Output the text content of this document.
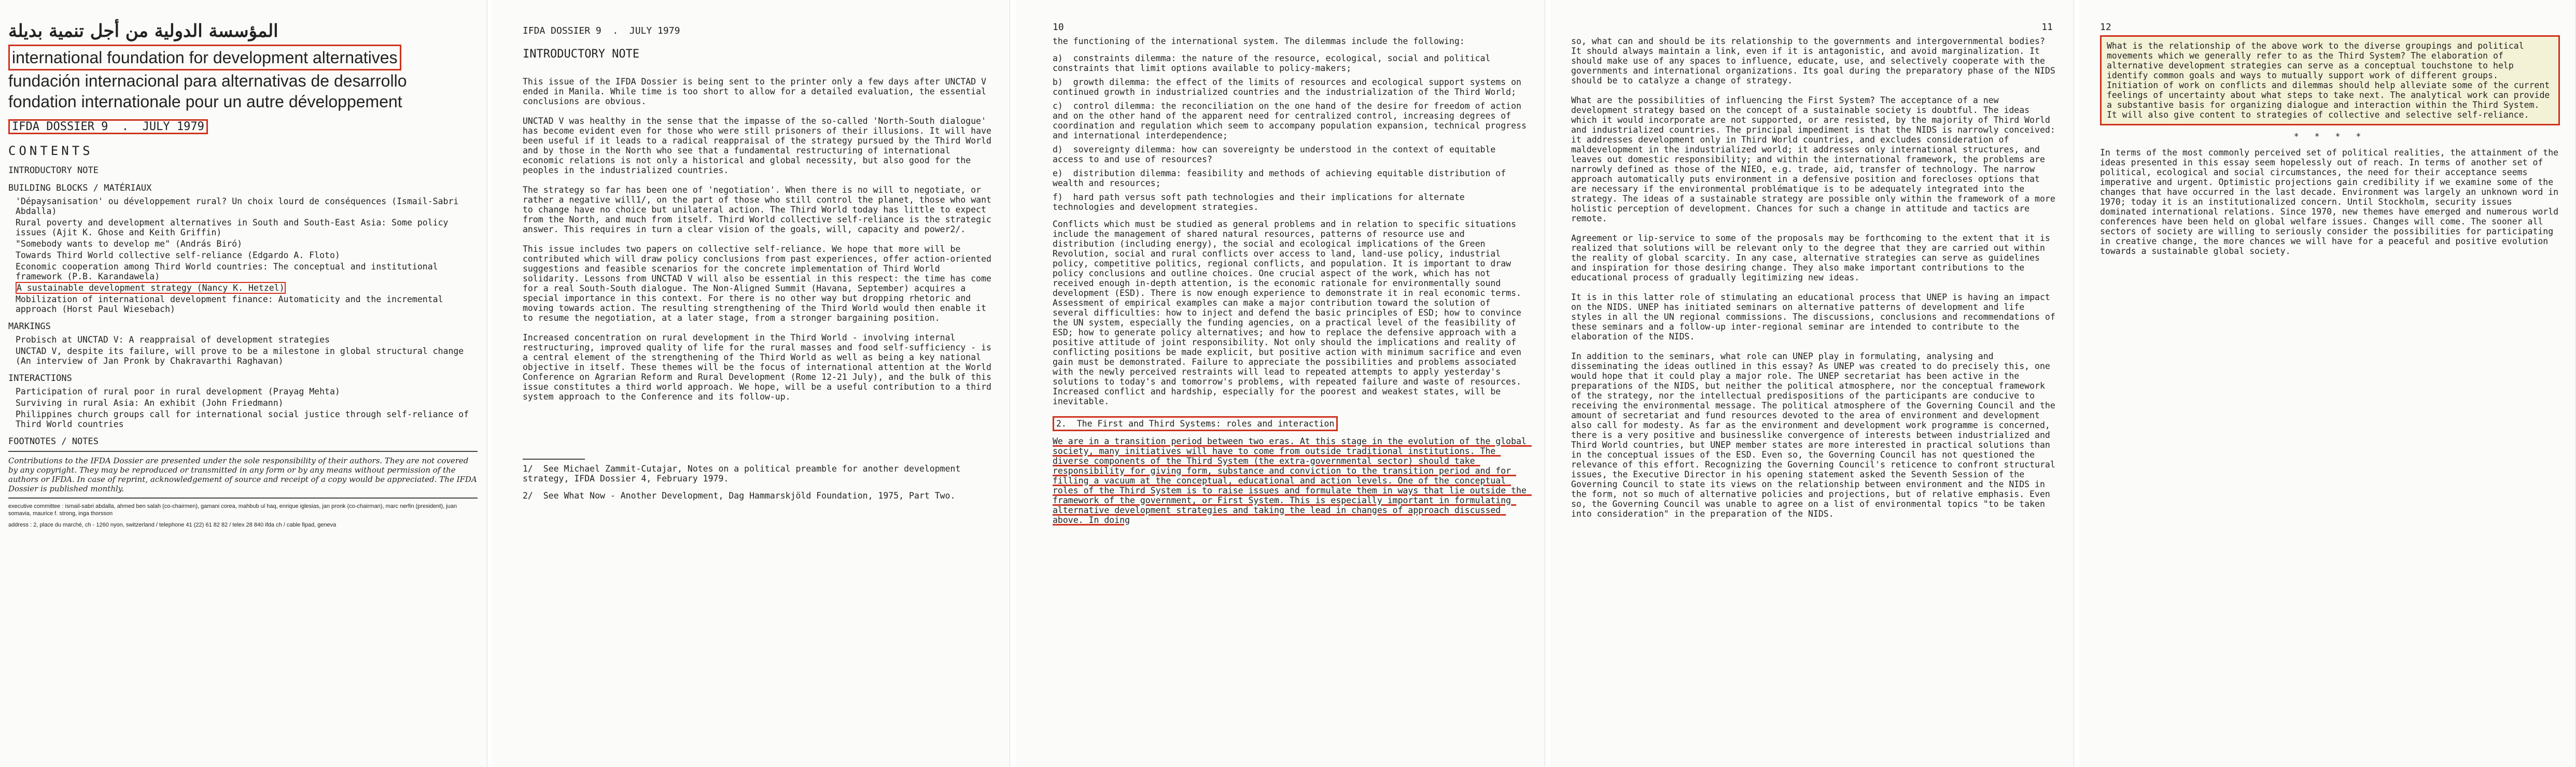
المؤسسة الدولية من أجل تنمية بديلة
international foundation for development alternatives
fundación internacional para alternativas de desarrollo
fondation internationale pour un autre développement
IFDA DOSSIER 9  .  JULY 1979
CONTENTS
INTRODUCTORY NOTE
BUILDING BLOCKS / MATÉRIAUX
'Dépaysanisation' ou développement rural? Un choix lourd de conséquences (Ismail-Sabri Abdalla)
Rural poverty and development alternatives in South and South-East Asia: Some policy issues (Ajit K. Ghose and Keith Griffin)
"Somebody wants to develop me" (András Biró)
Towards Third World collective self-reliance (Edgardo A. Floto)
Economic cooperation among Third World countries: The conceptual and institutional framework (P.B. Karandawela)
A sustainable development strategy (Nancy K. Hetzel)
Mobilization of international development finance: Automaticity and the incremental approach (Horst Paul Wiesebach)
MARKINGS
Probisch at UNCTAD V: A reappraisal of development strategies
UNCTAD V, despite its failure, will prove to be a milestone in global structural change (An interview of Jan Pronk by Chakravarthi Raghavan)
INTERACTIONS
Participation of rural poor in rural development (Prayag Mehta)
Surviving in rural Asia: An exhibit (John Friedmann)
Philippines church groups call for international social justice through self-reliance of Third World countries
FOOTNOTES / NOTES
Contributions to the IFDA Dossier are presented under the sole responsibility of their authors. They are not covered by any copyright. They may be reproduced or transmitted in any form or by any means without permission of the authors or IFDA. In case of reprint, acknowledgement of source and receipt of a copy would be appreciated. The IFDA Dossier is published monthly.
executive committee : ismail-sabri abdalla, ahmed ben salah (co-chairmen), gamani corea, mahbub ul haq, enrique iglesias, jan pronk (co-chairman), marc nerfin (president), juan somavia, maurice f. strong, inga thorsson
address : 2, place du marché, ch - 1260 nyon, switzerland / telephone 41 (22) 61 82 82 / telex 28 840 ifda ch / cable fipad, geneva
IFDA DOSSIER 9  .  JULY 1979
INTRODUCTORY NOTE
This issue of the IFDA Dossier is being sent to the printer only a few days after UNCTAD V ended in Manila. While time is too short to allow for a detailed evaluation, the essential conclusions are obvious.
UNCTAD V was healthy in the sense that the impasse of the so-called 'North-South dialogue' has become evident even for those who were still prisoners of their illusions. It will have been useful if it leads to a radical reappraisal of the strategy pursued by the Third World and by those in the North who see that a fundamental restructuring of international economic relations is not only a historical and global necessity, but also good for the peoples in the industrialized countries.
The strategy so far has been one of 'negotiation'. When there is no will to negotiate, or rather a negative will1/, on the part of those who still control the planet, those who want to change have no choice but unilateral action. The Third World today has little to expect from the North, and much from itself. Third World collective self-reliance is the strategic answer. This requires in turn a clear vision of the goals, will, capacity and power2/.
This issue includes two papers on collective self-reliance. We hope that more will be contributed which will draw policy conclusions from past experiences, offer action-oriented suggestions and feasible scenarios for the concrete implementation of Third World solidarity. Lessons from UNCTAD V will also be essential in this respect: the time has come for a real South-South dialogue. The Non-Aligned Summit (Havana, September) acquires a special importance in this context. For there is no other way but dropping rhetoric and moving towards action. The resulting strengthening of the Third World would then enable it to resume the negotiation, at a later stage, from a stronger bargaining position.
Increased concentration on rural development in the Third World - involving internal restructuring, improved quality of life for the rural masses and food self-sufficiency - is a central element of the strengthening of the Third World as well as being a key national objective in itself. These themes will be the focus of international attention at the World Conference on Agrarian Reform and Rural Development (Rome 12-21 July), and the bulk of this issue constitutes a third world approach. We hope, will be a useful contribution to a third system approach to the Conference and its follow-up.
1/  See Michael Zammit-Cutajar, Notes on a political preamble for another development strategy, IFDA Dossier 4, February 1979.
2/  See What Now - Another Development, Dag Hammarskjöld Foundation, 1975, Part Two.
10
the functioning of the international system. The dilemmas include the following:
a)  constraints dilemma: the nature of the resource, ecological, social and political constraints that limit options available to policy-makers;
b)  growth dilemma: the effect of the limits of resources and ecological support systems on continued growth in industrialized countries and the industrialization of the Third World;
c)  control dilemma: the reconciliation on the one hand of the desire for freedom of action and on the other hand of the apparent need for centralized control, increasing degrees of coordination and regulation which seem to accompany population expansion, technical progress and international interdependence;
d)  sovereignty dilemma: how can sovereignty be understood in the context of equitable access to and use of resources?
e)  distribution dilemma: feasibility and methods of achieving equitable distribution of wealth and resources;
f)  hard path versus soft path technologies and their implications for alternate technologies and development strategies.
Conflicts which must be studied as general problems and in relation to specific situations include the management of shared natural resources, patterns of resource use and distribution (including energy), the social and ecological implications of the Green Revolution, social and rural conflicts over access to land, land-use policy, industrial policy, competitive politics, regional conflicts, and population. It is important to draw policy conclusions and outline choices. One crucial aspect of the work, which has not received enough in-depth attention, is the economic rationale for environmentally sound development (ESD). There is now enough experience to demonstrate it in real economic terms. Assessment of empirical examples can make a major contribution toward the solution of several difficulties: how to inject and defend the basic principles of ESD; how to convince the UN system, especially the funding agencies, on a practical level of the feasibility of ESD; how to generate policy alternatives; and how to replace the defensive approach with a positive attitude of joint responsibility. Not only should the implications and reality of conflicting positions be made explicit, but positive action with minimum sacrifice and even gain must be demonstrated. Failure to appreciate the possibilities and problems associated with the newly perceived restraints will lead to repeated attempts to apply yesterday's solutions to today's and tomorrow's problems, with repeated failure and waste of resources. Increased conflict and hardship, especially for the poorest and weakest states, will be inevitable.
2.  The First and Third Systems: roles and interaction
We are in a transition period between two eras. At this stage in the evolution of the global society, many initiatives will have to come from outside traditional institutions. The diverse components of the Third System (the extra-governmental sector) should take responsibility for giving form, substance and conviction to the transition period and for filling a vacuum at the conceptual, educational and action levels. One of the conceptual roles of the Third System is to raise issues and formulate them in ways that lie outside the framework of the government, or First System. This is especially important in formulating alternative development strategies and taking the lead in changes of approach discussed above. In doing
11
so, what can and should be its relationship to the governments and intergovernmental bodies? It should always maintain a link, even if it is antagonistic, and avoid marginalization. It should make use of any spaces to influence, educate, use, and selectively cooperate with the governments and international organizations. Its goal during the preparatory phase of the NIDS should be to catalyze a change of strategy.
What are the possibilities of influencing the First System? The acceptance of a new development strategy based on the concept of a sustainable society is doubtful. The ideas which it would incorporate are not supported, or are resisted, by the majority of Third World and industrialized countries. The principal impediment is that the NIDS is narrowly conceived: it addresses development only in Third World countries, and excludes consideration of maldevelopment in the industrialized world; it addresses only international structures, and leaves out domestic responsibility; and within the international framework, the problems are narrowly defined as those of the NIEO, e.g. trade, aid, transfer of technology. The narrow approach automatically puts environment in a defensive position and forecloses options that are necessary if the environmental problématique is to be adequately integrated into the strategy. The ideas of a sustainable strategy are possible only within the framework of a more holistic perception of development. Chances for such a change in attitude and tactics are remote.
Agreement or lip-service to some of the proposals may be forthcoming to the extent that it is realized that solutions will be relevant only to the degree that they are carried out within the reality of global scarcity. In any case, alternative strategies can serve as guidelines and inspiration for those desiring change. They also make important contributions to the educational process of gradually legitimizing new ideas.
It is in this latter role of stimulating an educational process that UNEP is having an impact on the NIDS. UNEP has initiated seminars on alternative patterns of development and life styles in all the UN regional commissions. The discussions, conclusions and recommendations of these seminars and a follow-up inter-regional seminar are intended to contribute to the elaboration of the NIDS.
In addition to the seminars, what role can UNEP play in formulating, analysing and disseminating the ideas outlined in this essay? As UNEP was created to do precisely this, one would hope that it could play a major role. The UNEP secretariat has been active in the preparations of the NIDS, but neither the political atmosphere, nor the conceptual framework of the strategy, nor the intellectual predispositions of the participants are conducive to receiving the environmental message. The political atmosphere of the Governing Council and the amount of secretariat and fund resources devoted to the area of environment and development also call for modesty. As far as the environment and development work programme is concerned, there is a very positive and businesslike convergence of interests between industrialized and Third World countries, but UNEP member states are more interested in practical solutions than in the conceptual issues of the ESD. Even so, the Governing Council has not questioned the relevance of this effort. Recognizing the Governing Council's reticence to confront structural issues, the Executive Director in his opening statement asked the Seventh Session of the Governing Council to state its views on the relationship between environment and the NIDS in the form, not so much of alternative policies and projections, but of relative emphasis. Even so, the Governing Council was unable to agree on a list of environmental topics "to be taken into consideration" in the preparation of the NIDS.
12
What is the relationship of the above work to the diverse groupings and political movements which we generally refer to as the Third System? The elaboration of alternative development strategies can serve as a conceptual touchstone to help identify common goals and ways to mutually support work of different groups. Initiation of work on conflicts and dilemmas should help alleviate some of the current feelings of uncertainty about what steps to take next. The analytical work can provide a substantive basis for organizing dialogue and interaction within the Third System. It will also give content to strategies of collective and selective self-reliance.
* * * *
In terms of the most commonly perceived set of political realities, the attainment of the ideas presented in this essay seem hopelessly out of reach. In terms of another set of political, ecological and social circumstances, the need for their acceptance seems imperative and urgent. Optimistic projections gain credibility if we examine some of the changes that have occurred in the last decade. Environment was largely an unknown word in 1970; today it is an institutionalized concern. Until Stockholm, security issues dominated international relations. Since 1970, new themes have emerged and numerous world conferences have been held on global welfare issues. Changes will come. The sooner all sectors of society are willing to seriously consider the possibilities for participating in creative change, the more chances we will have for a peaceful and positive evolution towards a sustainable global society.
